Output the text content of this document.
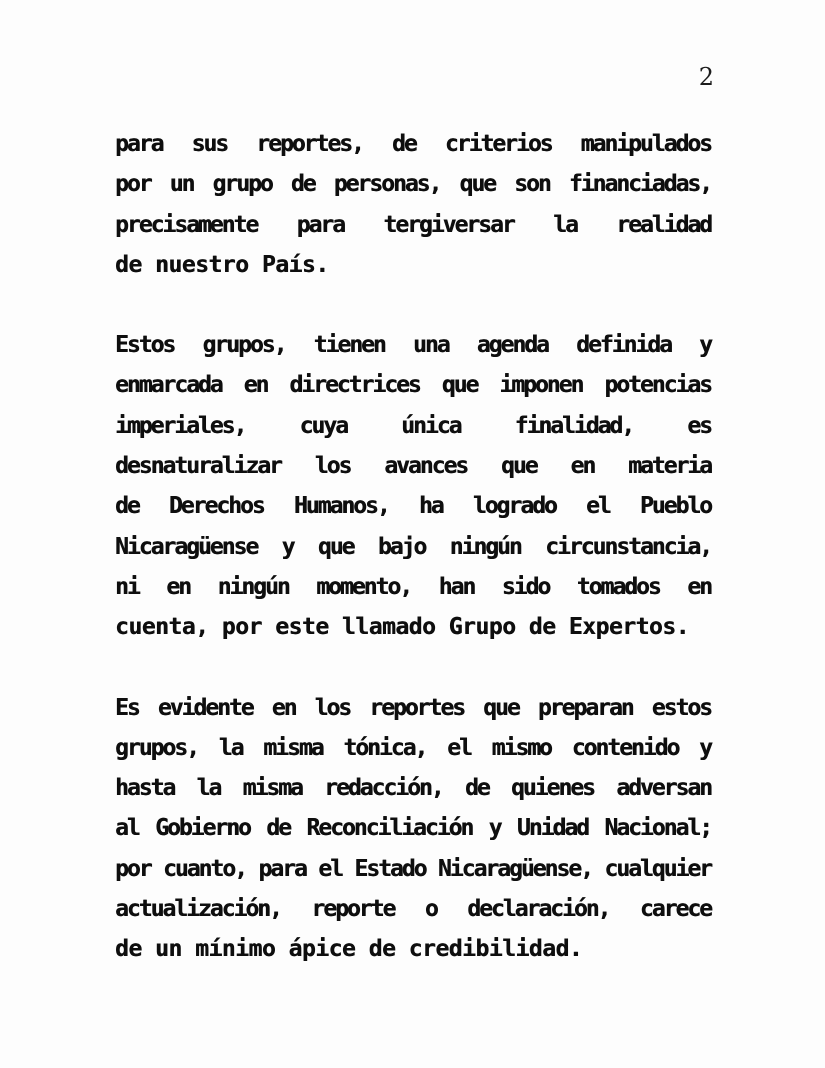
2
para sus reportes, de criterios manipulados
por un grupo de personas, que son financiadas,
precisamente para tergiversar la realidad
de nuestro País.
Estos grupos, tienen una agenda definida y
enmarcada en directrices que imponen potencias
imperiales, cuya única finalidad, es
desnaturalizar los avances que en materia
de Derechos Humanos, ha logrado el Pueblo
Nicaragüense y que bajo ningún circunstancia,
ni en ningún momento, han sido tomados en
cuenta, por este llamado Grupo de Expertos.
Es evidente en los reportes que preparan estos
grupos, la misma tónica, el mismo contenido y
hasta la misma redacción, de quienes adversan
al Gobierno de Reconciliación y Unidad Nacional;
por cuanto, para el Estado Nicaragüense, cualquier
actualización, reporte o declaración, carece
de un mínimo ápice de credibilidad.
